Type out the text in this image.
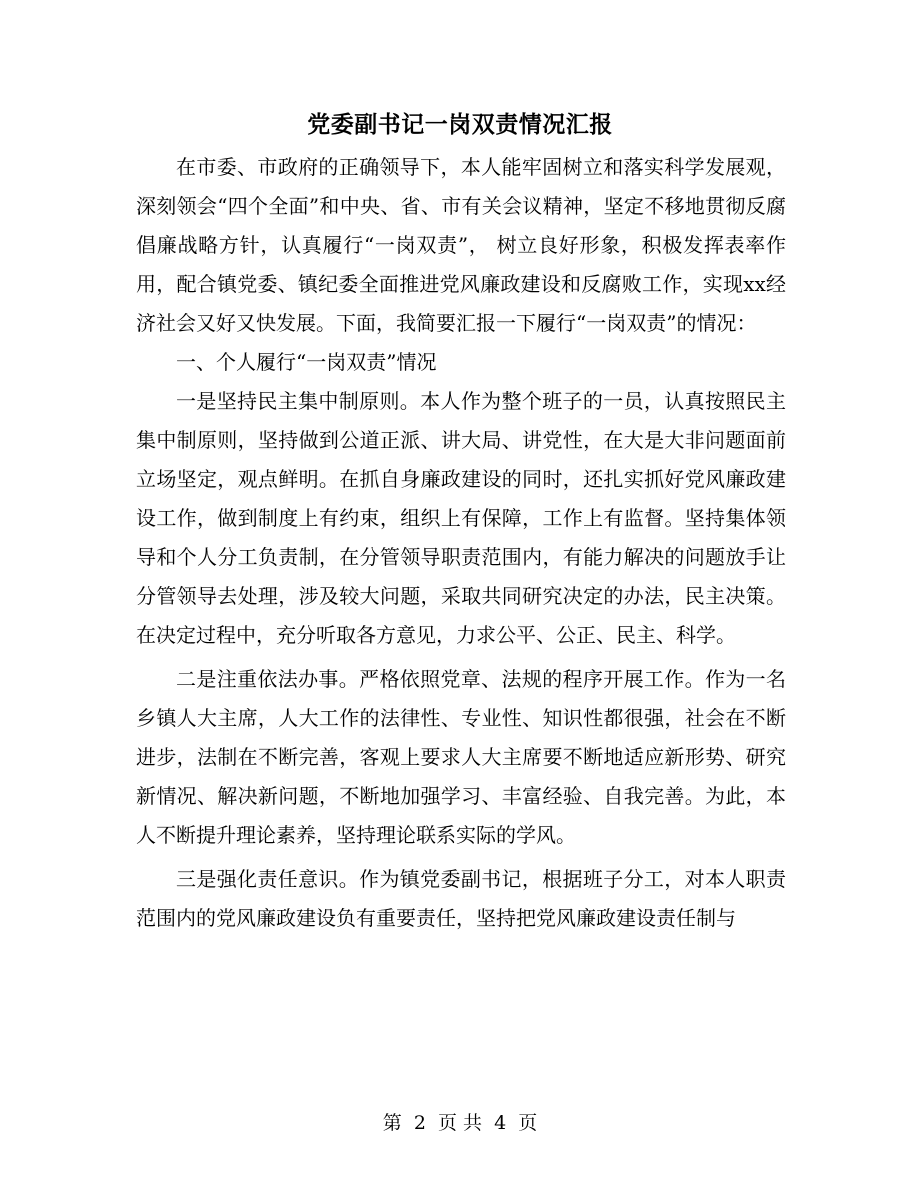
党委副书记一岗双责情况汇报

在市委、市政府的正确领导下，本人能牢固树立和落实科学发展观，深刻领会“四个全面”和中央、省、市有关会议精神，坚定不移地贯彻反腐倡廉战略方针，认真履行“一岗双责”， 树立良好形象，积极发挥表率作用，配合镇党委、镇纪委全面推进党风廉政建设和反腐败工作，实现xx经济社会又好又快发展。下面，我简要汇报一下履行“一岗双责”的情况：

一、个人履行“一岗双责”情况

一是坚持民主集中制原则。本人作为整个班子的一员，认真按照民主集中制原则，坚持做到公道正派、讲大局、讲党性，在大是大非问题面前立场坚定，观点鲜明。在抓自身廉政建设的同时，还扎实抓好党风廉政建设工作，做到制度上有约束，组织上有保障，工作上有监督。坚持集体领导和个人分工负责制，在分管领导职责范围内，有能力解决的问题放手让分管领导去处理，涉及较大问题，采取共同研究决定的办法，民主决策。在决定过程中，充分听取各方意见，力求公平、公正、民主、科学。

二是注重依法办事。严格依照党章、法规的程序开展工作。作为一名乡镇人大主席，人大工作的法律性、专业性、知识性都很强，社会在不断进步，法制在不断完善，客观上要求人大主席要不断地适应新形势、研究新情况、解决新问题，不断地加强学习、丰富经验、自我完善。为此，本人不断提升理论素养，坚持理论联系实际的学风。

三是强化责任意识。作为镇党委副书记，根据班子分工，对本人职责范围内的党风廉政建设负有重要责任，坚持把党风廉政建设责任制与

第 2 页 共 4 页
